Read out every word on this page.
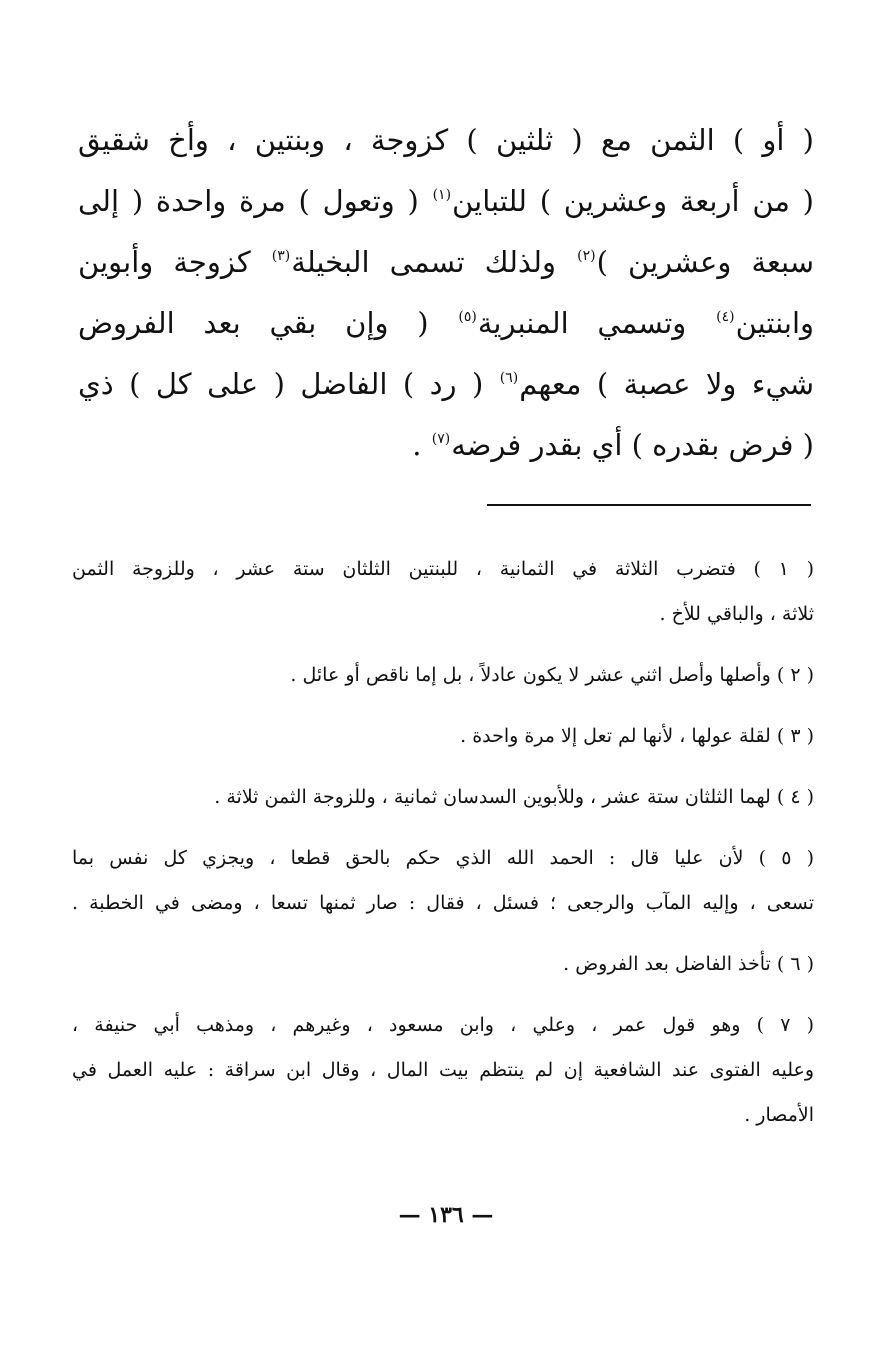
( أو ) الثمن مع ( ثلثين ) كزوجة ، وبنتين ، وأخ شقيق
( من أربعة وعشرين ) للتباين$^{(١)}$ ( وتعول ) مرة واحدة ( إلى
سبعة وعشرين )$^{(٢)}$ ولذلك تسمى البخيلة$^{(٣)}$ كزوجة وأبوين
وابنتين$^{(٤)}$ وتسمي المنبرية$^{(٥)}$ ( وإن بقي بعد الفروض
شيء ولا عصبة ) معهم$^{(٦)}$ ( رد ) الفاضل ( على كل ) ذي
( فرض بقدره ) أي بقدر فرضه$^{(٧)}$ .
( ١ ) فتضرب الثلاثة في الثمانية ، للبنتين الثلثان ستة عشر ، وللزوجة الثمن
ثلاثة ، والباقي للأخ .
( ٢ ) وأصلها وأصل اثني عشر لا يكون عادلاً ، بل إما ناقص أو عائل .
( ٣ ) لقلة عولها ، لأنها لم تعل إلا مرة واحدة .
( ٤ ) لهما الثلثان ستة عشر ، وللأبوين السدسان ثمانية ، وللزوجة الثمن ثلاثة .
( ٥ ) لأن عليا قال : الحمد الله الذي حكم بالحق قطعا ، ويجزي كل نفس بما
تسعى ، وإليه المآب والرجعى ؛ فسئل ، فقال : صار ثمنها تسعا ، ومضى في الخطبة .
( ٦ ) تأخذ الفاضل بعد الفروض .
( ٧ ) وهو قول عمر ، وعلي ، وابن مسعود ، وغيرهم ، ومذهب أبي حنيفة ،
وعليه الفتوى عند الشافعية إن لم ينتظم بيت المال ، وقال ابن سراقة : عليه العمل في
الأمصار .
— ١٣٦ —
